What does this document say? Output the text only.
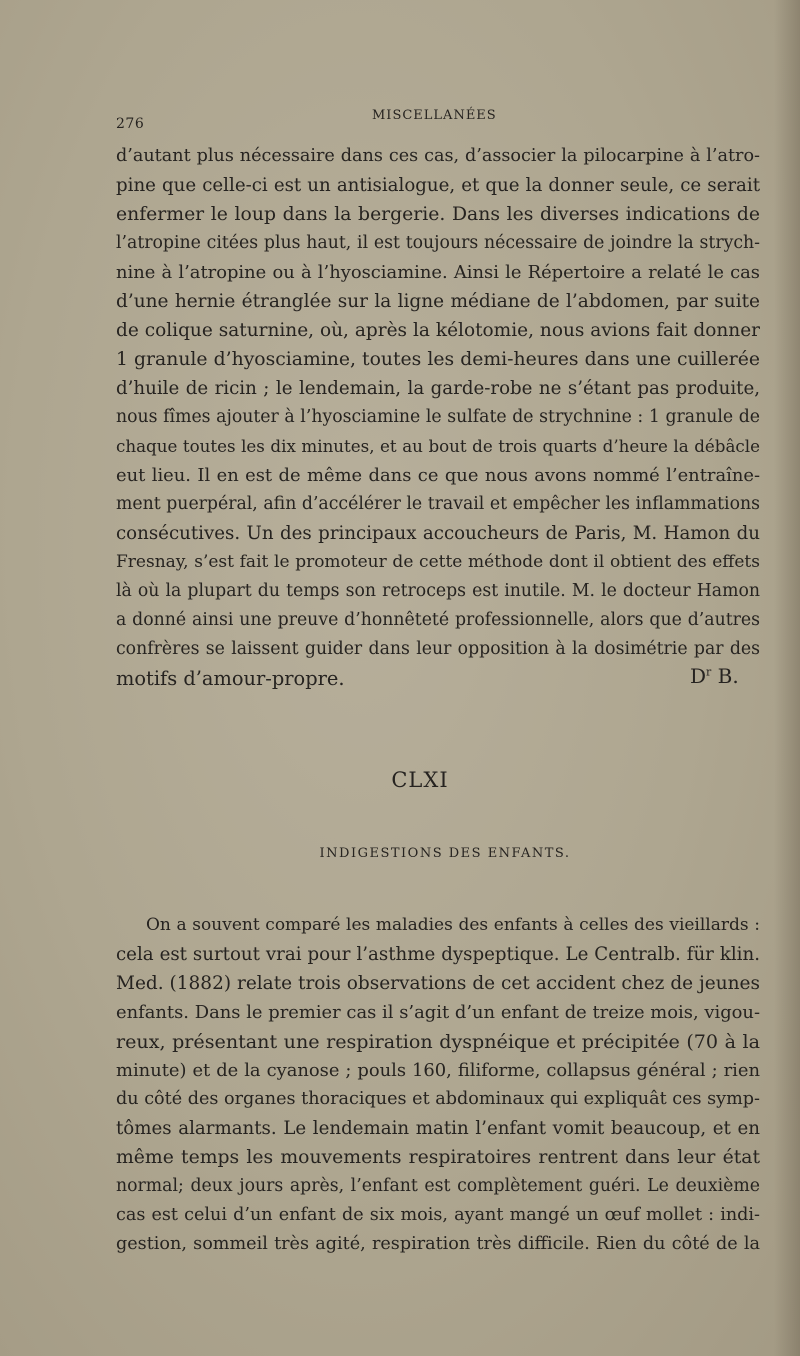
276
MISCELLANÉES
d’autant plus nécessaire dans ces cas, d’associer la pilocarpine à l’atro-
pine que celle-ci est un antisialogue, et que la donner seule, ce serait
enfermer le loup dans la bergerie. Dans les diverses indications de
l’atropine citées plus haut, il est toujours nécessaire de joindre la strych-
nine à l’atropine ou à l’hyosciamine. Ainsi le Répertoire a relaté le cas
d’une hernie étranglée sur la ligne médiane de l’abdomen, par suite
de colique saturnine, où, après la kélotomie, nous avions fait donner
1 granule d’hyosciamine, toutes les demi-heures dans une cuillerée
d’huile de ricin ; le lendemain, la garde-robe ne s’étant pas produite,
nous fîmes ajouter à l’hyosciamine le sulfate de strychnine : 1 granule de
chaque toutes les dix minutes, et au bout de trois quarts d’heure la débâcle
eut lieu. Il en est de même dans ce que nous avons nommé l’entraîne-
ment puerpéral, afin d’accélérer le travail et empêcher les inflammations
consécutives. Un des principaux accoucheurs de Paris, M. Hamon du
Fresnay, s’est fait le promoteur de cette méthode dont il obtient des effets
là où la plupart du temps son retroceps est inutile. M. le docteur Hamon
a donné ainsi une preuve d’honnêteté professionnelle, alors que d’autres
confrères se laissent guider dans leur opposition à la dosimétrie par des
motifs d’amour-propre.	$D^r$ B.
CLXI
INDIGESTIONS DES ENFANTS.
On a souvent comparé les maladies des enfants à celles des vieillards :
cela est surtout vrai pour l’asthme dyspeptique. Le Centralb. für klin.
Med. (1882) relate trois observations de cet accident chez de jeunes
enfants. Dans le premier cas il s’agit d’un enfant de treize mois, vigou-
reux, présentant une respiration dyspnéique et précipitée (70 à la
minute) et de la cyanose ; pouls 160, filiforme, collapsus général ; rien
du côté des organes thoraciques et abdominaux qui expliquât ces symp-
tômes alarmants. Le lendemain matin l’enfant vomit beaucoup, et en
même temps les mouvements respiratoires rentrent dans leur état
normal; deux jours après, l’enfant est complètement guéri. Le deuxième
cas est celui d’un enfant de six mois, ayant mangé un œuf mollet : indi-
gestion, sommeil très agité, respiration très difficile. Rien du côté de la
